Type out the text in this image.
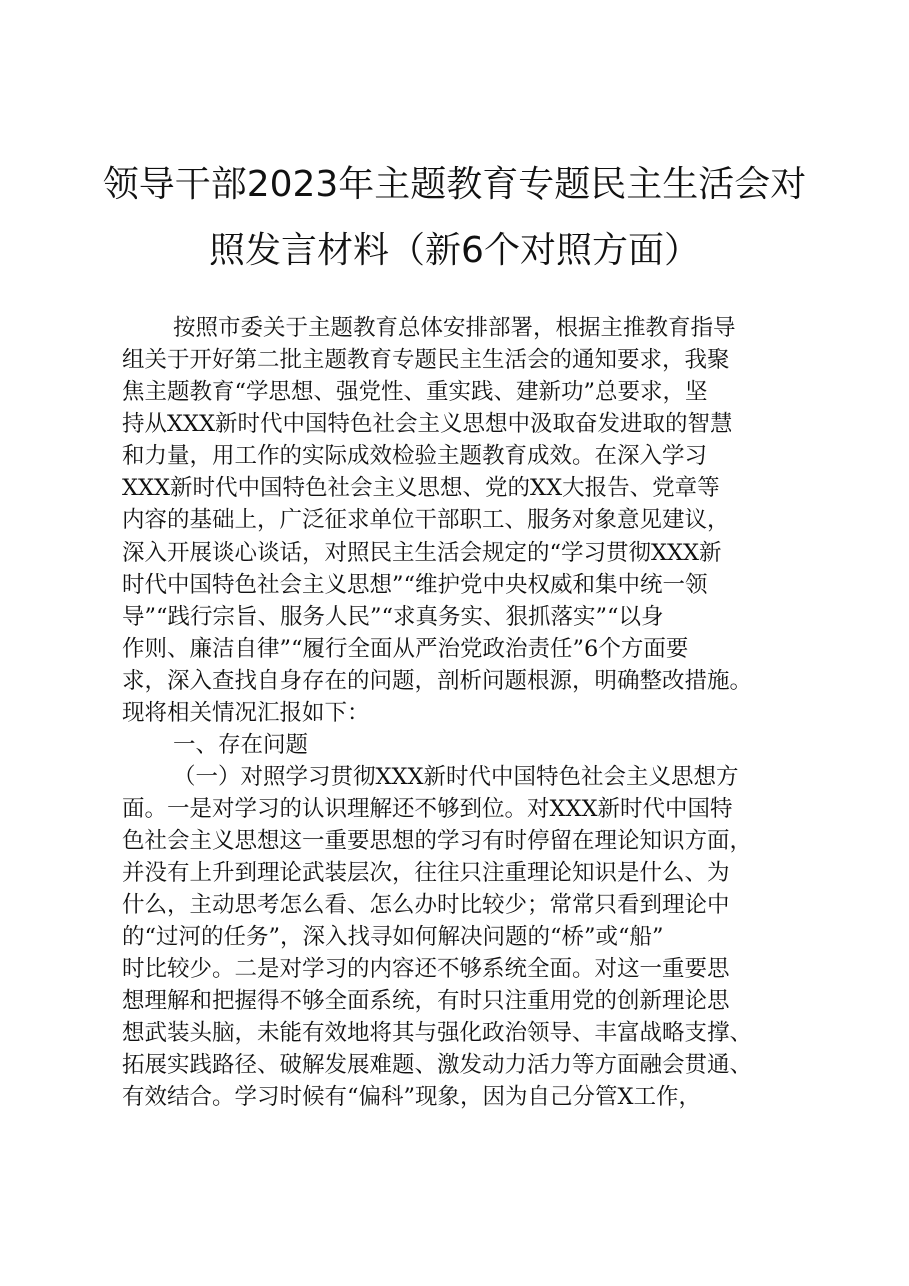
领导干部2023年主题教育专题民主生活会对
照发言材料（新6个对照方面）
按照市委关于主题教育总体安排部署，根据主推教育指导
组关于开好第二批主题教育专题民主生活会的通知要求，我聚
焦主题教育“学思想、强党性、重实践、建新功”总要求，坚
持从XXX新时代中国特色社会主义思想中汲取奋发进取的智慧
和力量，用工作的实际成效检验主题教育成效。在深入学习
XXX新时代中国特色社会主义思想、党的XX大报告、党章等
内容的基础上，广泛征求单位干部职工、服务对象意见建议，
深入开展谈心谈话，对照民主生活会规定的“学习贯彻XXX新
时代中国特色社会主义思想”“维护党中央权威和集中统一领
导”“践行宗旨、服务人民”“求真务实、狠抓落实”“以身
作则、廉洁自律”“履行全面从严治党政治责任”6个方面要
求，深入查找自身存在的问题，剖析问题根源，明确整改措施。
现将相关情况汇报如下：
一、存在问题
（一）对照学习贯彻XXX新时代中国特色社会主义思想方
面。一是对学习的认识理解还不够到位。对XXX新时代中国特
色社会主义思想这一重要思想的学习有时停留在理论知识方面，
并没有上升到理论武装层次，往往只注重理论知识是什么、为
什么，主动思考怎么看、怎么办时比较少；常常只看到理论中
的“过河的任务”，深入找寻如何解决问题的“桥”或“船”
时比较少。二是对学习的内容还不够系统全面。对这一重要思
想理解和把握得不够全面系统，有时只注重用党的创新理论思
想武装头脑，未能有效地将其与强化政治领导、丰富战略支撑、
拓展实践路径、破解发展难题、激发动力活力等方面融会贯通、
有效结合。学习时候有“偏科”现象，因为自己分管X工作，
